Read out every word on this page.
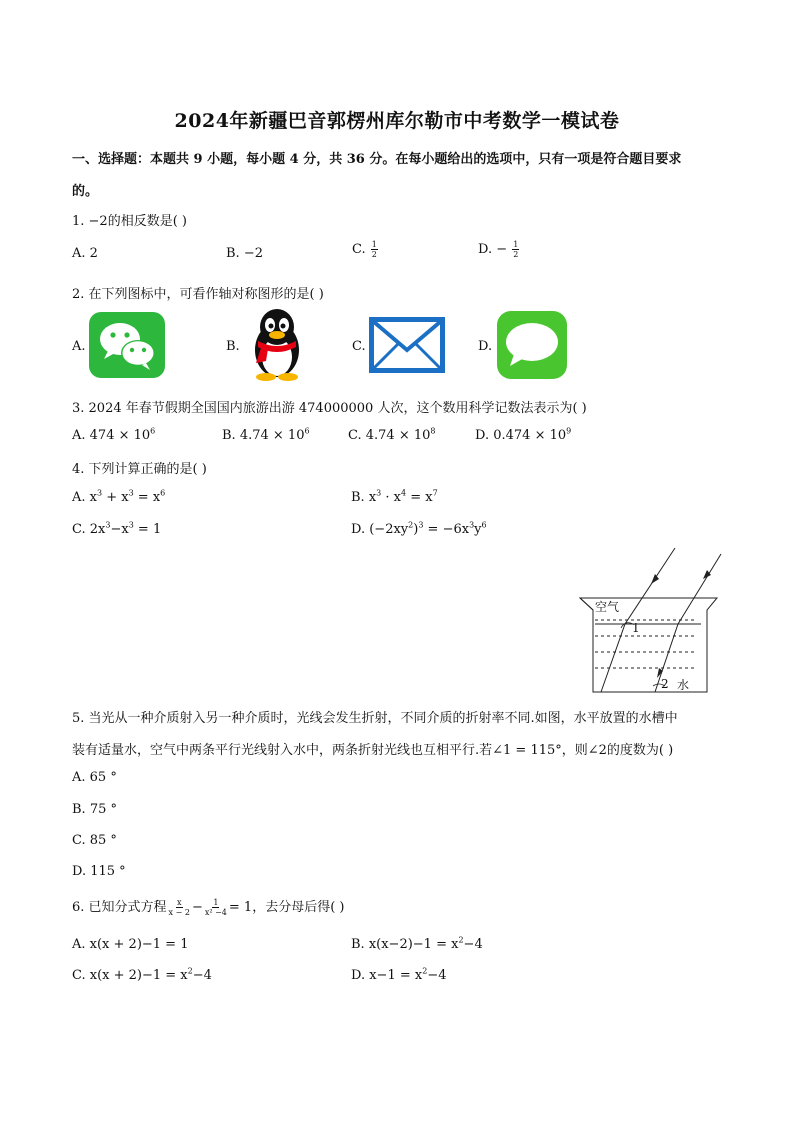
2024年新疆巴音郭楞州库尔勒市中考数学一模试卷
一、选择题：本题共 9 小题，每小题 4 分，共 36 分。在每小题给出的选项中，只有一项是符合题目要求
的。
1. −2的相反数是( )
A. 2	B. −2	C. $\frac{1}{2}$	D. − $\frac{1}{2}$
2. 在下列图标中，可看作轴对称图形的是( )
A.	B.	C.	D.
3. 2024 年春节假期全国国内旅游出游 474000000 人次，这个数用科学记数法表示为( )
A. $474 \times 10^6$	B. $4.74 \times 10^6$	C. $4.74 \times 10^8$	D. $0.474 \times 10^9$
4. 下列计算正确的是( )
A. $x^3 + x^3 = x^6$	B. $x^3 \cdot x^4 = x^7$
C. $2x^3-x^3 = 1$	D. $(-2xy^2)^3 = -6x^3y^6$
空气
1
2 水
5. 当光从一种介质射入另一种介质时，光线会发生折射，不同介质的折射率不同.如图，水平放置的水槽中
装有适量水，空气中两条平行光线射入水中，两条折射光线也互相平行.若∠1 = 115°，则∠2的度数为( )
A. 65 °
B. 75 °
C. 85 °
D. 115 °
6. 已知分式方程 $\frac{x}{x - 2} - \frac{1}{\text{x² −4}} = 1$，去分母后得( )
A. x(x + 2)−1 = 1	B. $x(x-2)-1 = x^2-4$
C. $x(x + 2)-1 = x^2-4$	D. $x-1 = x^2-4$
